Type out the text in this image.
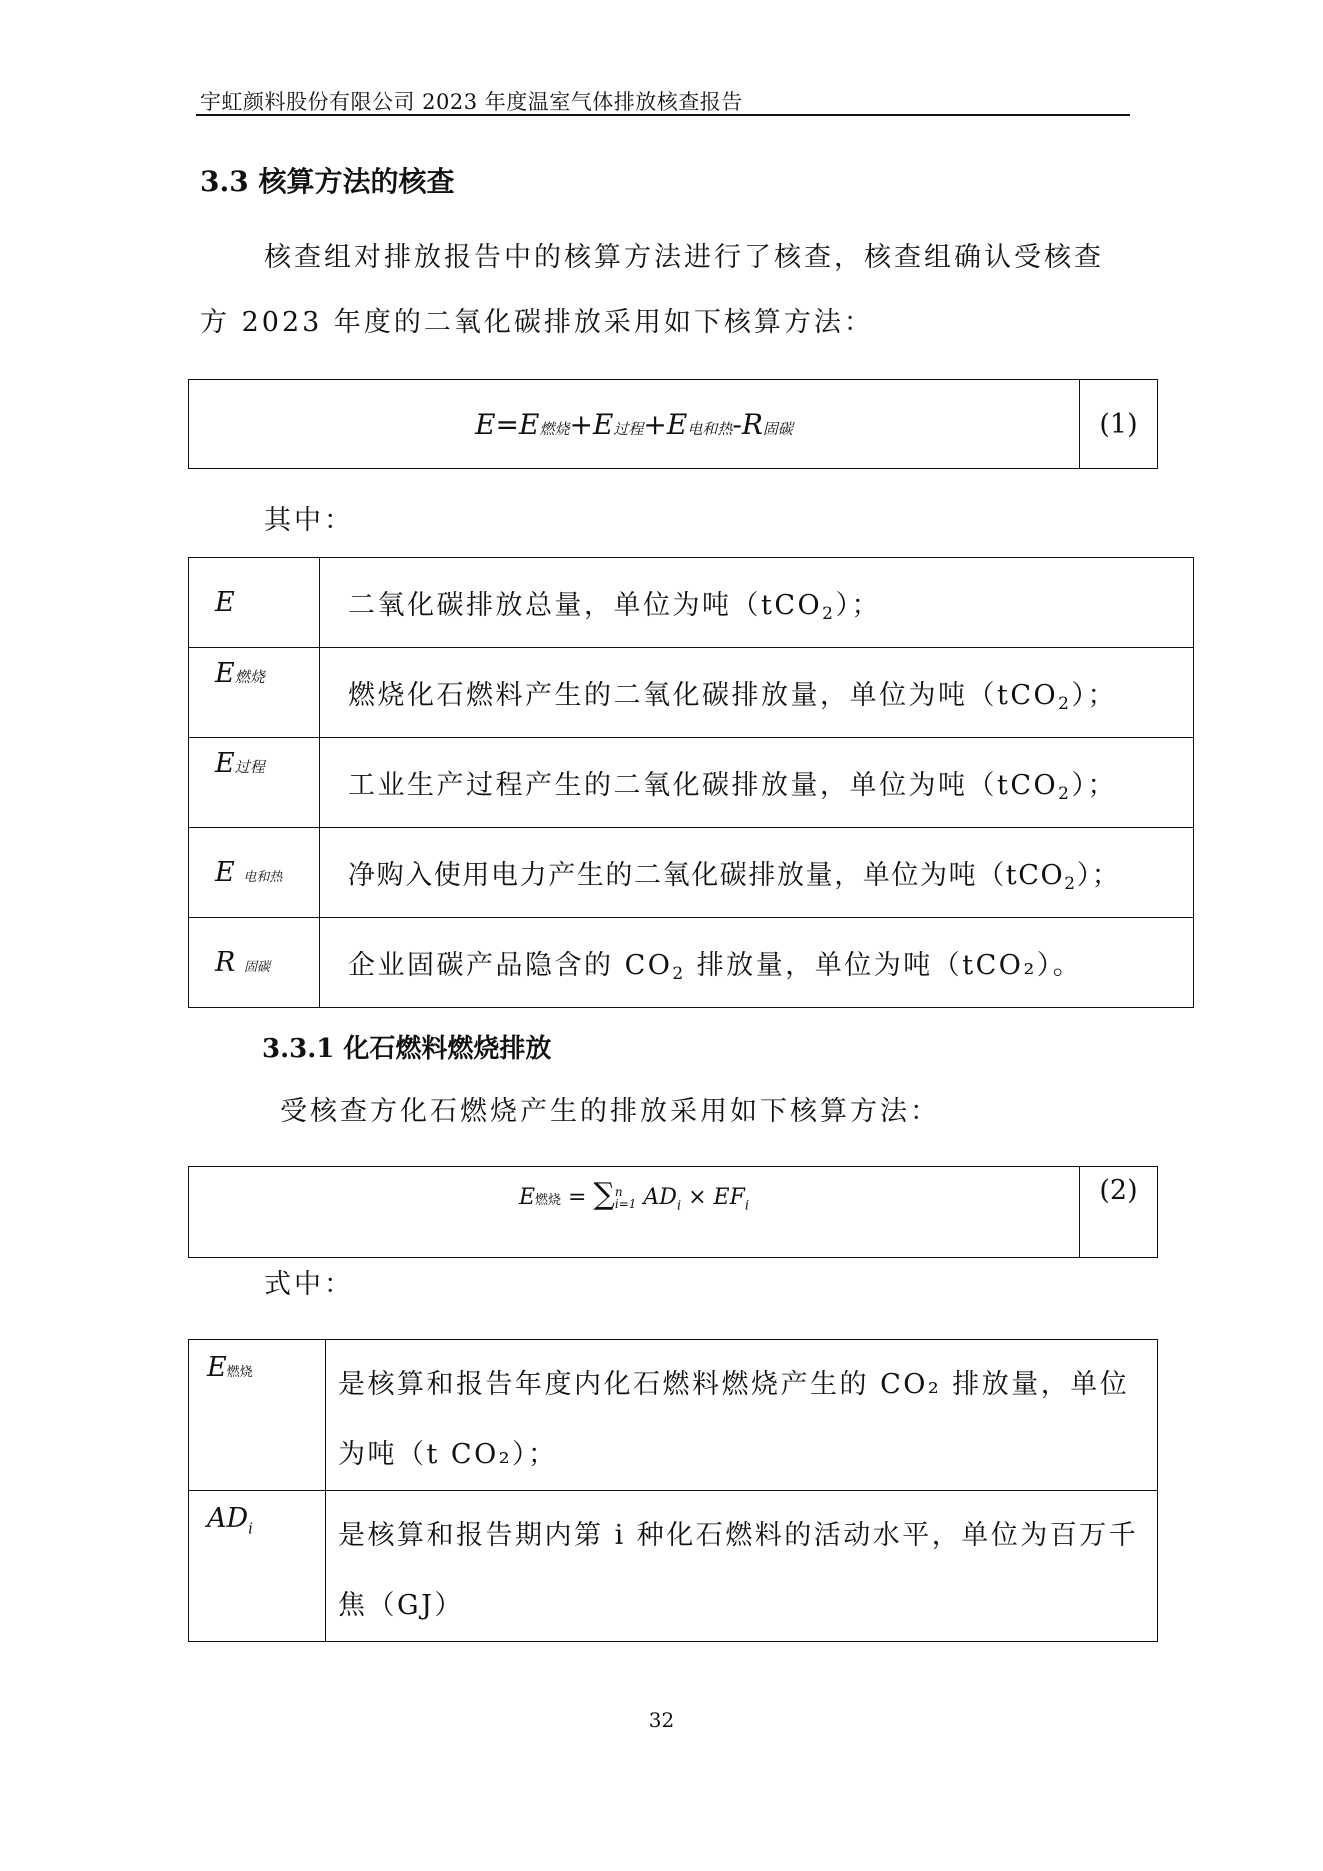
宇虹颜料股份有限公司 2023 年度温室气体排放核查报告
3.3 核算方法的核查
核查组对排放报告中的核算方法进行了核查，核查组确认受核查
方 2023 年度的二氧化碳排放采用如下核算方法：
E=E燃烧+E过程+E电和热-R固碳	(1)
其中：
E	二氧化碳排放总量，单位为吨（tCO2）；
E燃烧	燃烧化石燃料产生的二氧化碳排放量，单位为吨（tCO2）；
E过程	工业生产过程产生的二氧化碳排放量，单位为吨（tCO2）；
E 电和热	净购入使用电力产生的二氧化碳排放量，单位为吨（tCO2）；
R 固碳	企业固碳产品隐含的 CO2 排放量，单位为吨（tCO₂）。
3.3.1 化石燃料燃烧排放
受核查方化石燃烧产生的排放采用如下核算方法：
E燃烧 = ∑n
i=1 $AD_i \times EF_i$	(2)
式中：
E燃烧	是核算和报告年度内化石燃料燃烧产生的 CO₂ 排放量，单位
为吨（t CO₂）；
$AD_i$	是核算和报告期内第 i 种化石燃料的活动水平，单位为百万千
焦（GJ）
32
